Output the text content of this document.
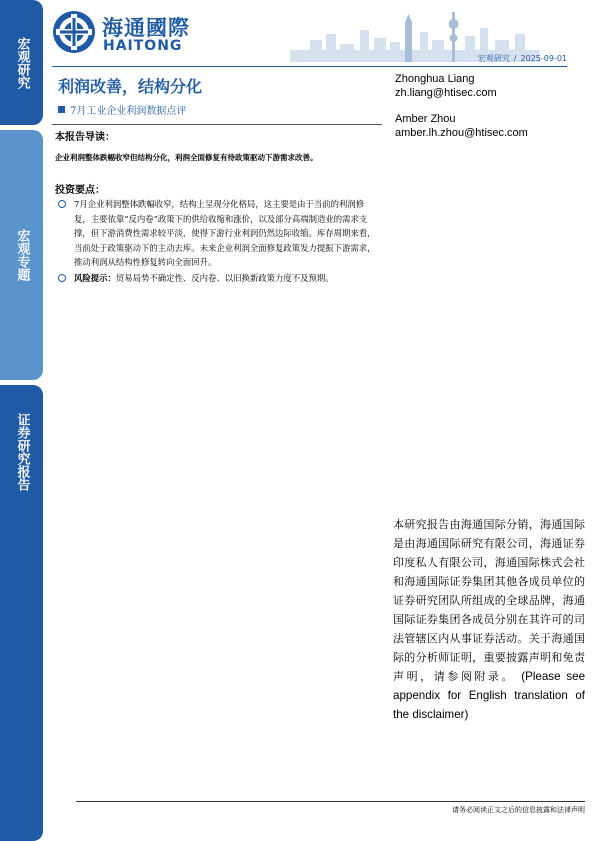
宏观研究
宏观专题
证券研究报告
海通國際
HAITONG
宏观研究 / 2025-09-01
利润改善，结构分化
7月工业企业利润数据点评
Zhonghua Liang
zh.liang@htisec.com
Amber Zhou
amber.lh.zhou@htisec.com
本报告导读：
企业利润整体跌幅收窄但结构分化，利润全面修复有待政策驱动下游需求改善。
投资要点：
7月企业利润整体跌幅收窄，结构上呈现分化格局，这主要是由于当前的利润修复，主要依靠“反内卷”政策下的供给收缩和涨价，以及部分高端制造业的需求支撑，但下游消费性需求较平淡，使得下游行业利润仍然边际收缩。库存周期来看，当前处于政策驱动下的主动去库。未来企业利润全面修复政策发力提振下游需求，推动利润从结构性修复转向全面回升。
风险提示：贸易局势不确定性、反内卷、以旧换新政策力度不及预期。
本研究报告由海通国际分销，海通国际是由海通国际研究有限公司，海通证券印度私人有限公司，海通国际株式会社和海通国际证券集团其他各成员单位的证券研究团队所组成的全球品牌，海通国际证券集团各成员分别在其许可的司法管辖区内从事证券活动。关于海通国际的分析师证明，重要披露声明和免责声明，请参阅附录。 (Please see appendix for English translation of the disclaimer)
请务必阅读正文之后的信息披露和法律声明
